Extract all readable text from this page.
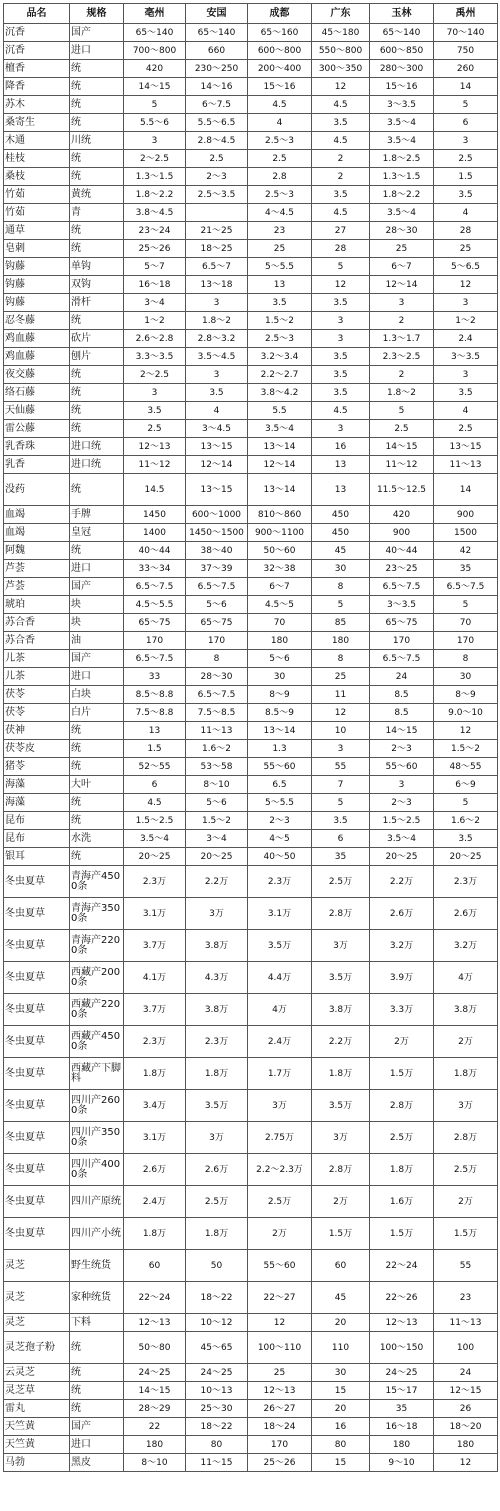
品名	规格	亳州	安国	成都	广东	玉林	禹州
沉香	国产	65～140	65～140	65～160	45～180	65～140	70～140
沉香	进口	700～800	660	600～800	550～800	600～850	750
檀香	统	420	230～250	200～400	300～350	280～300	260
降香	统	14～15	14～16	15～16	12	15～16	14
苏木	统	5	6～7.5	4.5	4.5	3～3.5	5
桑寄生	统	5.5～6	5.5～6.5	4	3.5	3.5～4	6
木通	川统	3	2.8～4.5	2.5～3	4.5	3.5～4	3
桂枝	统	2～2.5	2.5	2.5	2	1.8～2.5	2.5
桑枝	统	1.3～1.5	2～3	2.8	2	1.3～1.5	1.5
竹茹	黄统	1.8～2.2	2.5～3.5	2.5～3	3.5	1.8～2.2	3.5
竹茹	青	3.8～4.5		4～4.5	4.5	3.5～4	4
通草	统	23～24	21～25	23	27	28～30	28
皂刺	统	25～26	18～25	25	28	25	25
钩藤	单钩	5～7	6.5～7	5～5.5	5	6～7	5～6.5
钩藤	双钩	16～18	13～18	13	12	12～14	12
钩藤	滑杆	3～4	3	3.5	3.5	3	3
忍冬藤	统	1～2	1.8～2	1.5～2	3	2	1～2
鸡血藤	砍片	2.6～2.8	2.8～3.2	2.5～3	3	1.3～1.7	2.4
鸡血藤	刨片	3.3～3.5	3.5～4.5	3.2～3.4	3.5	2.3～2.5	3～3.5
夜交藤	统	2～2.5	3	2.2～2.7	3.5	2	3
络石藤	统	3	3.5	3.8～4.2	3.5	1.8～2	3.5
天仙藤	统	3.5	4	5.5	4.5	5	4
雷公藤	统	2.5	3～4.5	3.5～4	3	2.5	2.5
乳香珠	进口统	12～13	13～15	13～14	16	14～15	13～15
乳香	进口统	11～12	12～14	12～14	13	11～12	11～13
没药	统	14.5	13～15	13～14	13	11.5～12.5	14
血竭	手牌	1450	600～1000	810～860	450	420	900
血竭	皇冠	1400	1450～1500	900～1100	450	900	1500
阿魏	统	40～44	38～40	50～60	45	40～44	42
芦荟	进口	33～34	37～39	32～38	30	23～25	35
芦荟	国产	6.5～7.5	6.5～7.5	6～7	8	6.5～7.5	6.5～7.5
琥珀	块	4.5～5.5	5～6	4.5～5	5	3～3.5	5
苏合香	块	65～75	65～75	70	85	65～75	70
苏合香	油	170	170	180	180	170	170
儿茶	国产	6.5～7.5	8	5～6	8	6.5～7.5	8
儿茶	进口	33	28～30	30	25	24	30
茯苓	白块	8.5～8.8	6.5～7.5	8～9	11	8.5	8～9
茯苓	白片	7.5～8.8	7.5～8.5	8.5～9	12	8.5	9.0～10
茯神	统	13	11～13	13～14	10	14～15	12
茯苓皮	统	1.5	1.6～2	1.3	3	2～3	1.5～2
猪苓	统	52～55	53～58	55～60	55	55～60	48～55
海藻	大叶	6	8～10	6.5	7	3	6～9
海藻	统	4.5	5～6	5～5.5	5	2～3	5
昆布	统	1.5～2.5	1.5～2	2～3	3.5	1.5～2.5	1.6～2
昆布	水洗	3.5～4	3～4	4～5	6	3.5～4	3.5
银耳	统	20～25	20～25	40～50	35	20～25	20～25
冬虫夏草	青海产4500条	2.3万	2.2万	2.3万	2.5万	2.2万	2.3万
冬虫夏草	青海产3500条	3.1万	3万	3.1万	2.8万	2.6万	2.6万
冬虫夏草	青海产2200条	3.7万	3.8万	3.5万	3万	3.2万	3.2万
冬虫夏草	西藏产2000条	4.1万	4.3万	4.4万	3.5万	3.9万	4万
冬虫夏草	西藏产2200条	3.7万	3.8万	4万	3.8万	3.3万	3.8万
冬虫夏草	西藏产4500条	2.3万	2.3万	2.4万	2.2万	2万	2万
冬虫夏草	西藏产下脚料	1.8万	1.8万	1.7万	1.8万	1.5万	1.8万
冬虫夏草	四川产2600条	3.4万	3.5万	3万	3.5万	2.8万	3万
冬虫夏草	四川产3500条	3.1万	3万	2.75万	3万	2.5万	2.8万
冬虫夏草	四川产4000条	2.6万	2.6万	2.2～2.3万	2.8万	1.8万	2.5万
冬虫夏草	四川产原统	2.4万	2.5万	2.5万	2万	1.6万	2万
冬虫夏草	四川产小统	1.8万	1.8万	2万	1.5万	1.5万	1.5万
灵芝	野生统货	60	50	55～60	60	22～24	55
灵芝	家种统货	22～24	18～22	22～27	45	22～26	23
灵芝	下料	12～13	10～12	12	20	12～13	11～13
灵芝孢子粉	统	50～80	45～65	100～110	110	100～150	100
云灵芝	统	24～25	24～25	25	30	24～25	24
灵芝草	统	14～15	10～13	12～13	15	15～17	12～15
雷丸	统	28～29	25～30	26～27	20	35	26
天竺黄	国产	22	18～22	18～24	16	16～18	18～20
天竺黄	进口	180	80	170	80	180	180
马勃	黑皮	8～10	11～15	25～26	15	9～10	12
